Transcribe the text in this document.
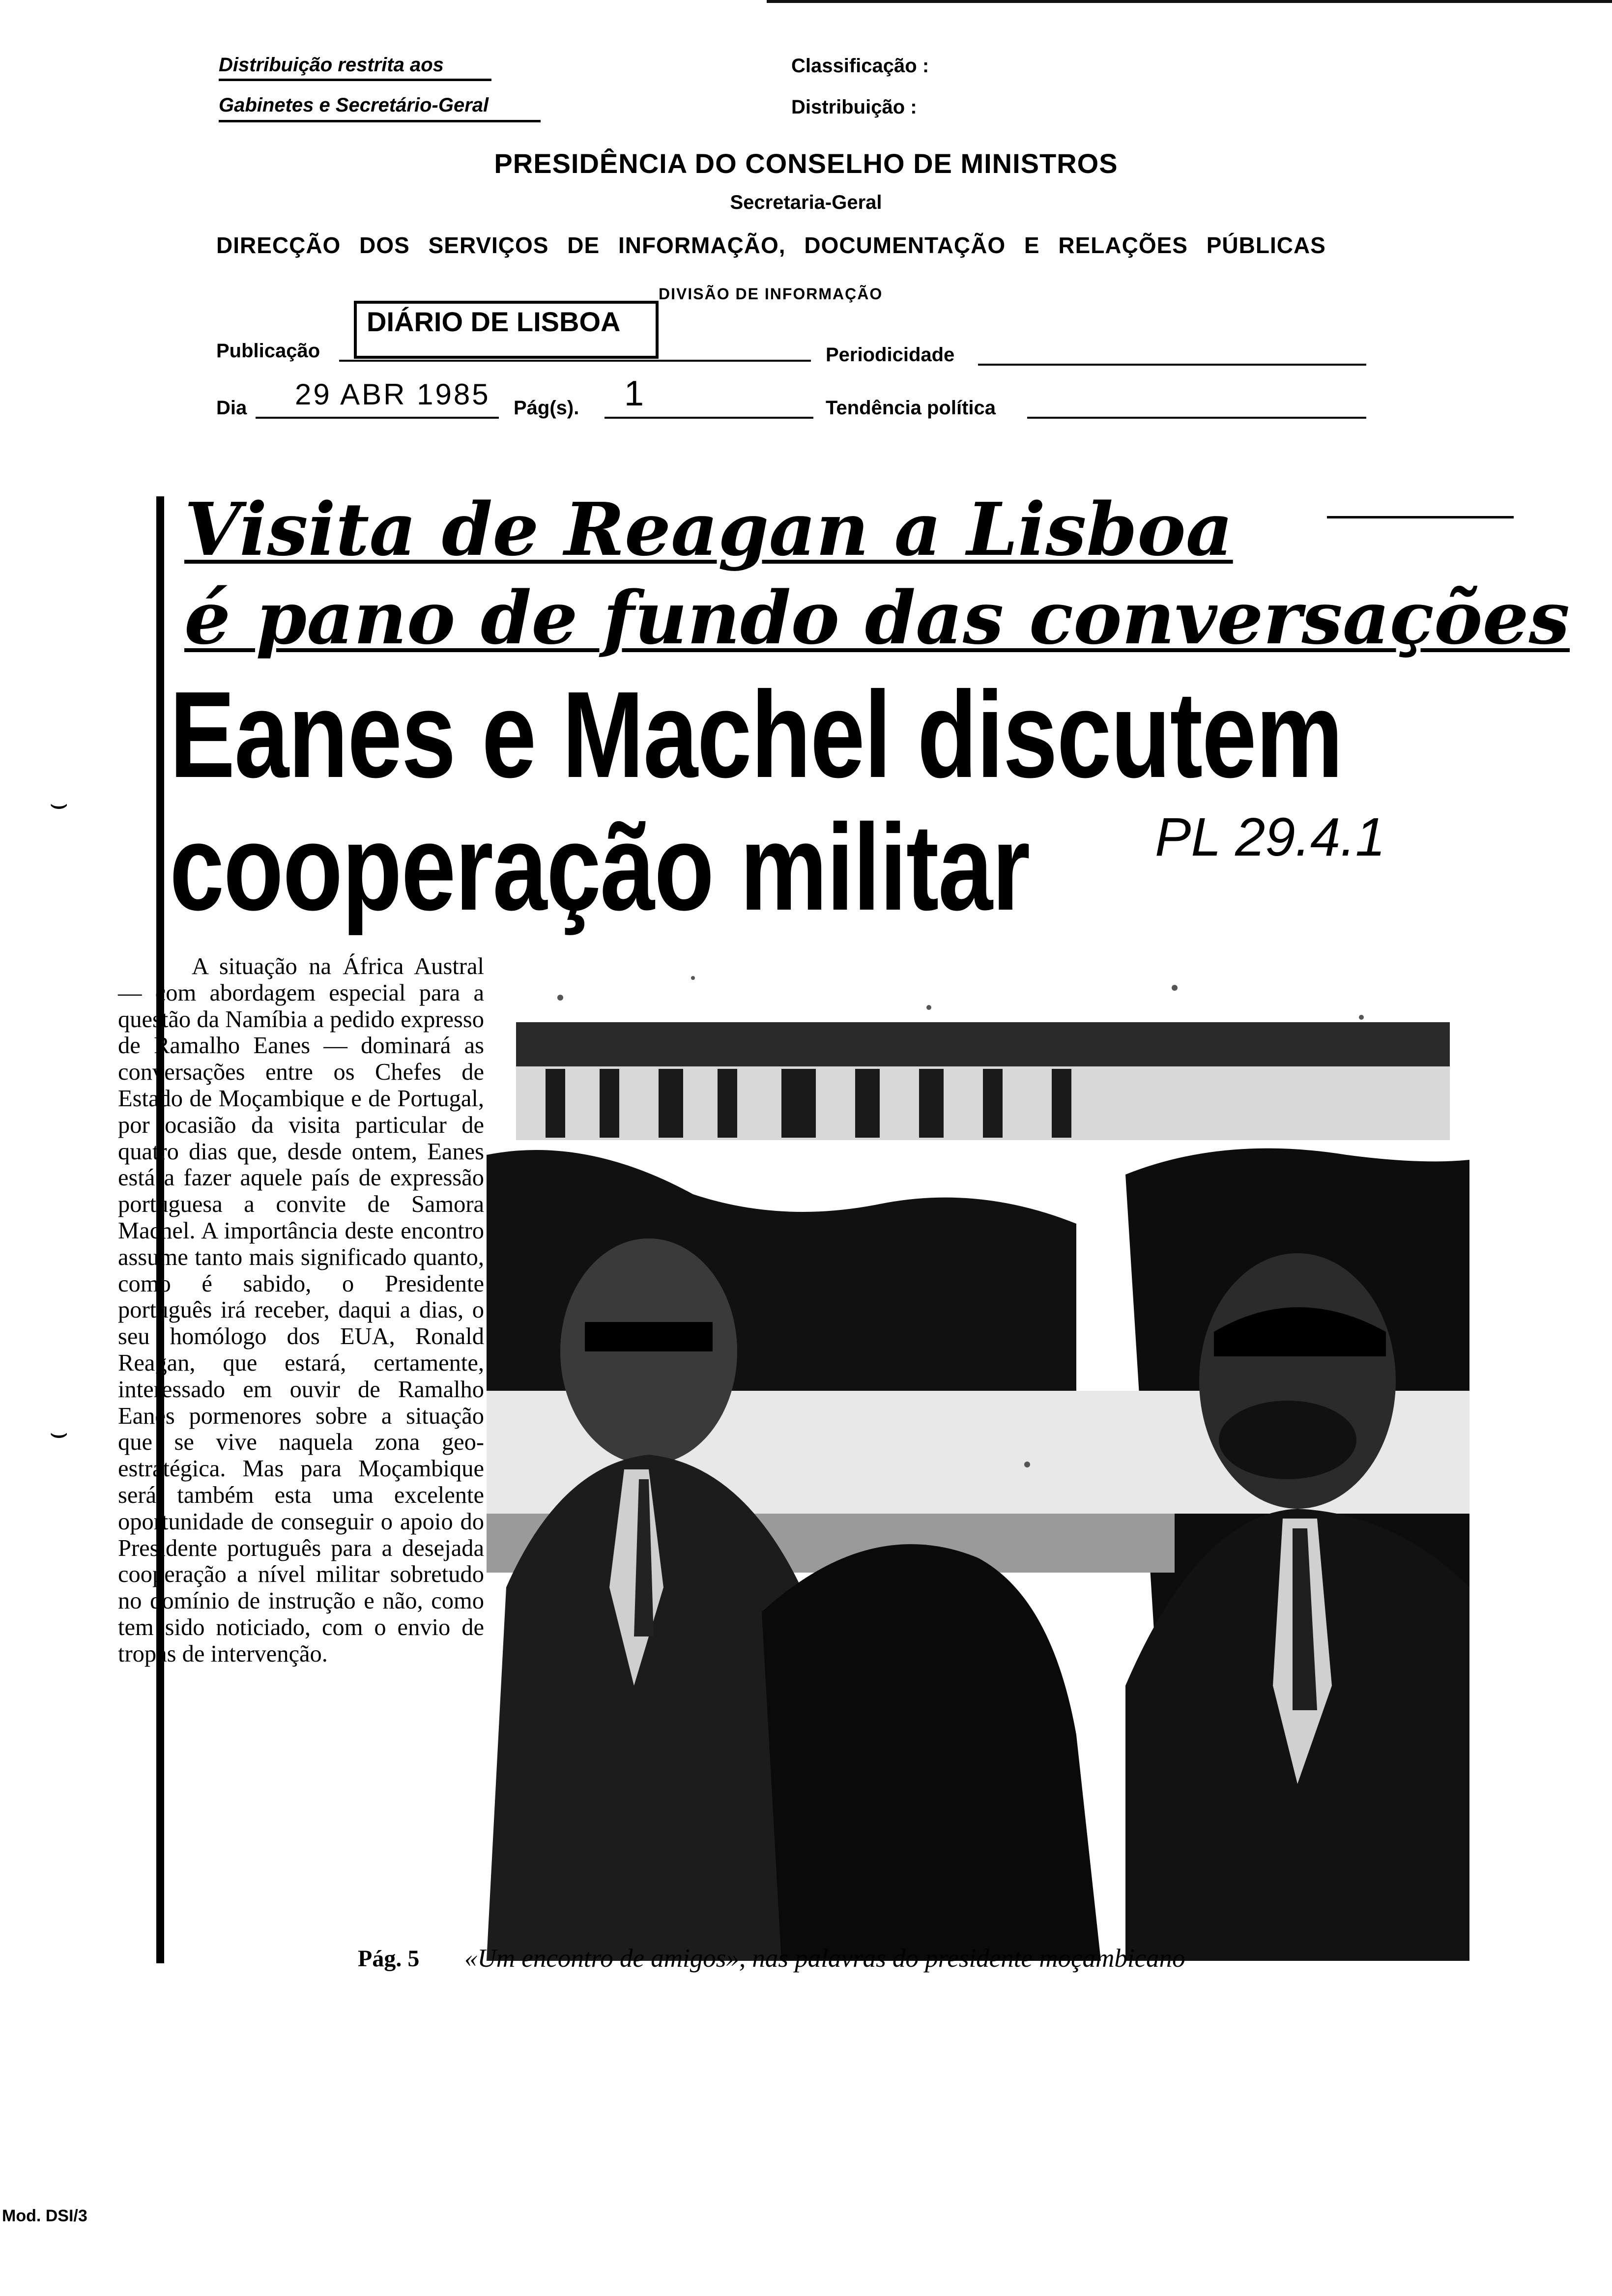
Distribuição restrita aos
Gabinetes e Secretário-Geral
Classificação :
Distribuição :
PRESIDÊNCIA DO CONSELHO DE MINISTROS
Secretaria-Geral
DIRECÇÃO DOS SERVIÇOS DE INFORMAÇÃO, DOCUMENTAÇÃO E RELAÇÕES PÚBLICAS
DIVISÃO DE INFORMAÇÃO
Publicação
DIÁRIO DE LISBOA
Periodicidade
Dia 29 ABR 1985 Pág(s). 1	Tendência política
Visita de Reagan a Lisboa
é pano de fundo das conversações
Eanes e Machel discutem
cooperação militar PL 29.4.1

A situação na África Austral — com abordagem especial para a questão da Namíbia a pedido expresso de Ramalho Eanes — dominará as conversações entre os Chefes de Estado de Moçambique e de Portugal, por ocasião da visita particular de quatro dias que, desde ontem, Eanes está a fazer aquele país de expressão portuguesa a convite de Samora Machel. A importância deste encontro assume tanto mais significado quanto, como é sabido, o Presidente português irá receber, daqui a dias, o seu homólogo dos EUA, Ronald Reagan, que estará, certamente, interessado em ouvir de Ramalho Eanes pormenores sobre a situação que se vive naquela zona geo-estratégica. Mas para Moçambique será também esta uma excelente oportunidade de conseguir o apoio do Presidente português para a desejada cooperação a nível militar sobretudo no domínio de instrução e não, como tem sido noticiado, com o envio de tropas de intervenção.

Pág. 5 «Um encontro de amigos», nas palavras do presidente moçambicano
⌣
⌣
Mod. DSI/3
